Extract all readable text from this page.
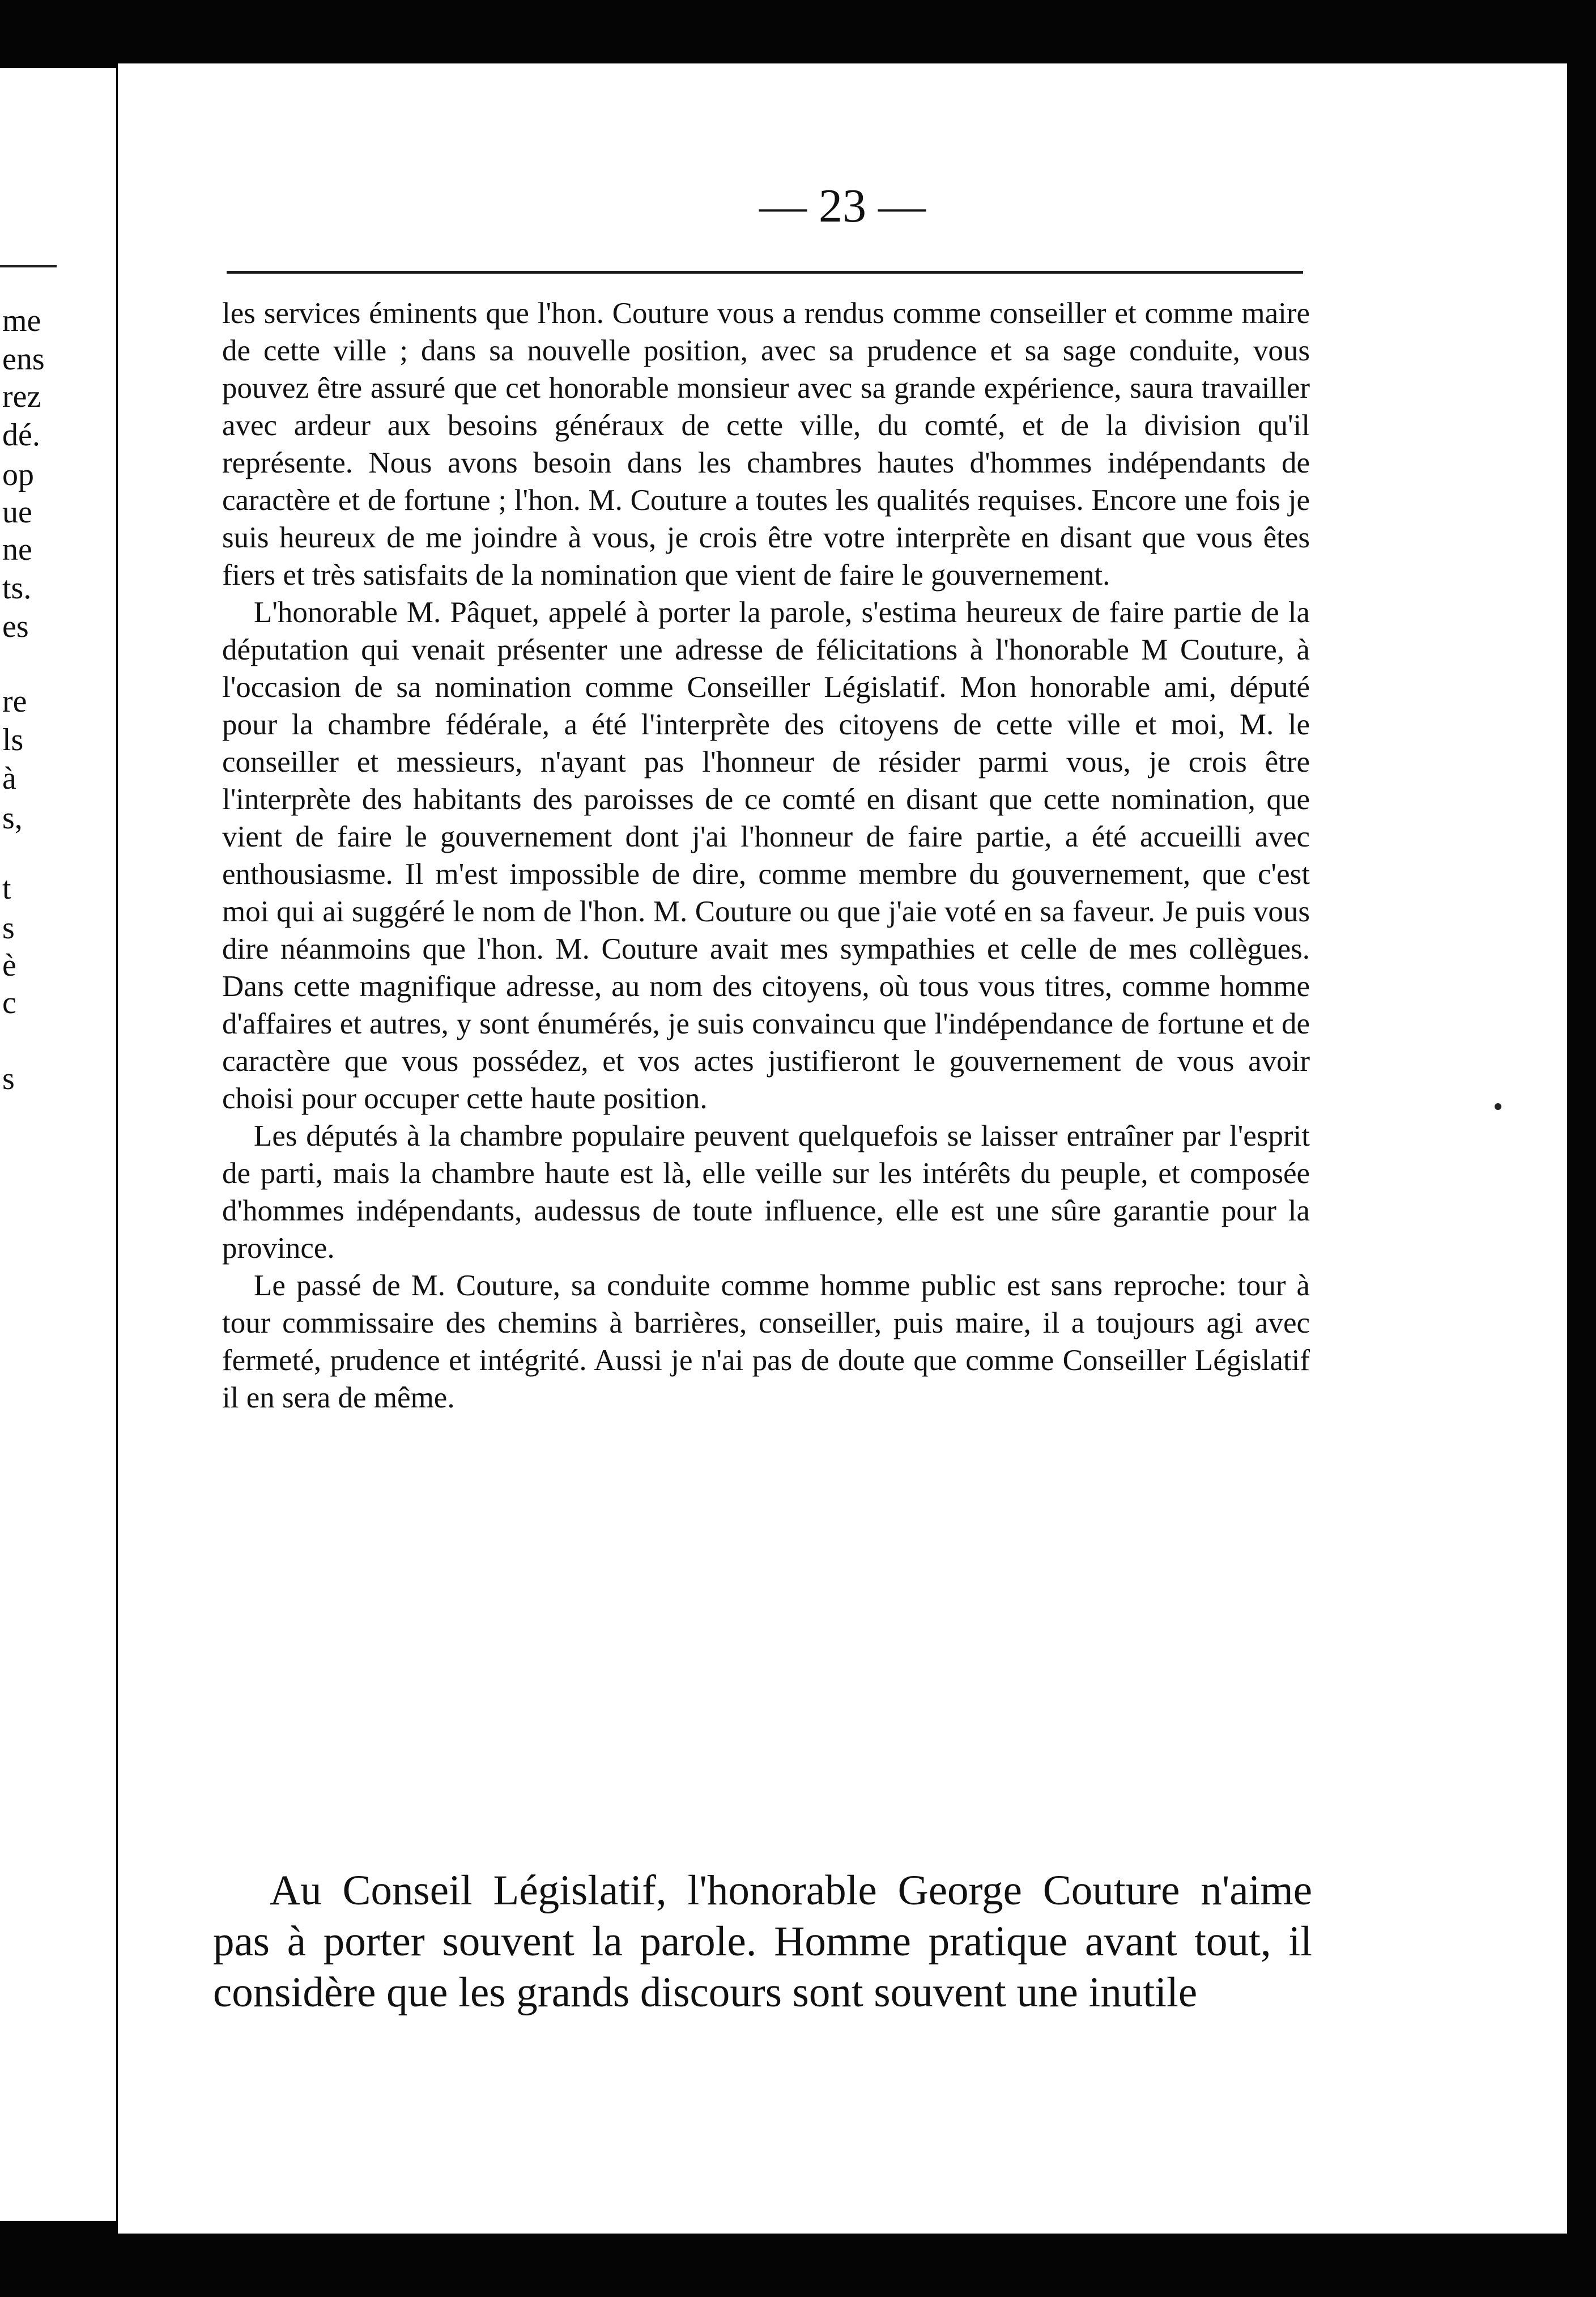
me
ens
rez
dé.
op
ue
ne
ts.
es
re
ls
à
s,
t
s
è
c
s
— 23 —

les services éminents que l'hon. Couture vous a rendus comme conseiller et comme maire de cette ville ; dans sa nouvelle position, avec sa prudence et sa sage conduite, vous pouvez être assuré que cet honorable monsieur avec sa grande expérience, saura travailler avec ardeur aux besoins généraux de cette ville, du comté, et de la division qu'il représente. Nous avons besoin dans les chambres hautes d'hommes indépendants de caractère et de fortune ; l'hon. M. Couture a toutes les qualités requises. Encore une fois je suis heureux de me joindre à vous, je crois être votre interprète en disant que vous êtes fiers et très satisfaits de la nomination que vient de faire le gouvernement.

L'honorable M. Pâquet, appelé à porter la parole, s'estima heureux de faire partie de la députation qui venait présenter une adresse de félicitations à l'honorable M Couture, à l'occasion de sa nomination comme Conseiller Législatif. Mon honorable ami, député pour la chambre fédérale, a été l'interprète des citoyens de cette ville et moi, M. le conseiller et messieurs, n'ayant pas l'honneur de résider parmi vous, je crois être l'interprète des habitants des paroisses de ce comté en disant que cette nomination, que vient de faire le gouvernement dont j'ai l'honneur de faire partie, a été accueilli avec enthousiasme. Il m'est impossible de dire, comme membre du gouvernement, que c'est moi qui ai suggéré le nom de l'hon. M. Couture ou que j'aie voté en sa faveur. Je puis vous dire néanmoins que l'hon. M. Couture avait mes sympathies et celle de mes collègues. Dans cette magnifique adresse, au nom des citoyens, où tous vous titres, comme homme d'affaires et autres, y sont énumérés, je suis convaincu que l'indépendance de fortune et de caractère que vous possédez, et vos actes justifieront le gouvernement de vous avoir choisi pour occuper cette haute position.

Les députés à la chambre populaire peuvent quelquefois se laisser entraîner par l'esprit de parti, mais la chambre haute est là, elle veille sur les intérêts du peuple, et composée d'hommes indépendants, audessus de toute influence, elle est une sûre garantie pour la province.

Le passé de M. Couture, sa conduite comme homme public est sans reproche: tour à tour commissaire des chemins à barrières, conseiller, puis maire, il a toujours agi avec fermeté, prudence et intégrité. Aussi je n'ai pas de doute que comme Conseiller Législatif il en sera de même.

Au Conseil Législatif, l'honorable George Couture n'aime pas à porter souvent la parole. Homme pratique avant tout, il considère que les grands discours sont souvent une inutile
